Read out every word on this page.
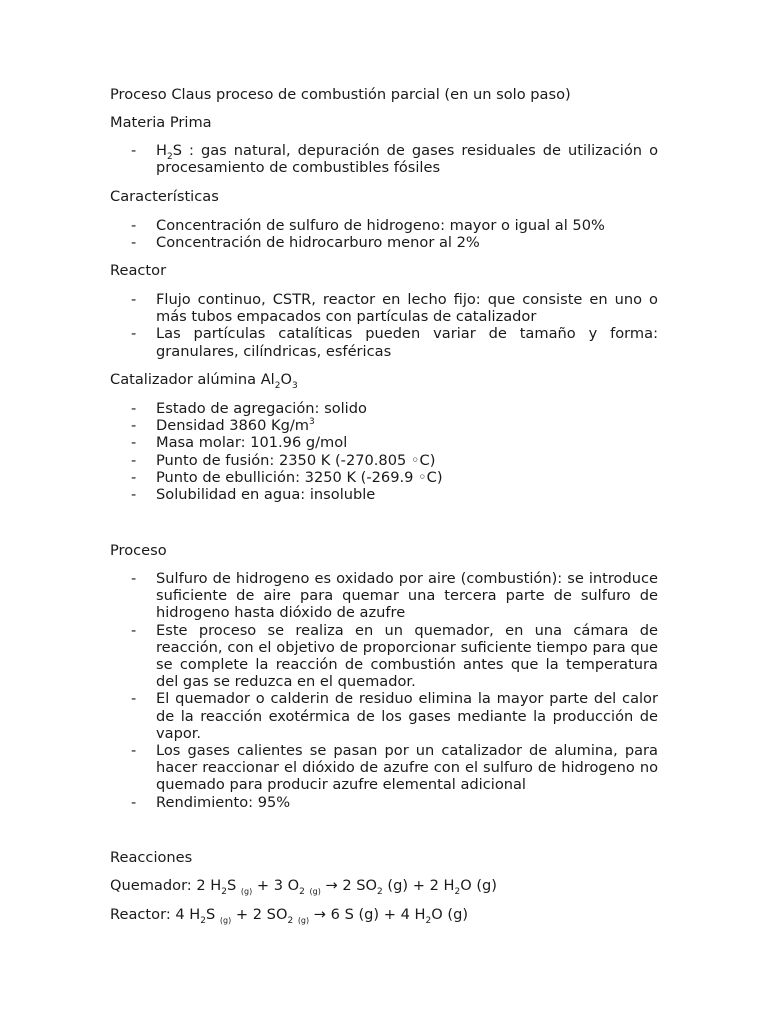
Proceso Claus proceso de combustión parcial (en un solo paso)
Materia Prima
- $H_2S$ : gas natural, depuración de gases residuales de utilización o procesamiento de combustibles fósiles
Características
- Concentración de sulfuro de hidrogeno: mayor o igual al 50%
- Concentración de hidrocarburo menor al 2%
Reactor
- Flujo continuo, CSTR, reactor en lecho fijo: que consiste en uno o más tubos empacados con partículas de catalizador
- Las partículas catalíticas pueden variar de tamaño y forma: granulares, cilíndricas, esféricas
Catalizador alúmina $Al_2O_3$
- Estado de agregación: solido
- Densidad 3860 $Kg/m^3$
- Masa molar: 101.96 g/mol
- Punto de fusión: 2350 K (-270.805 ◦C)
- Punto de ebullición: 3250 K (-269.9 ◦C)
- Solubilidad en agua: insoluble
Proceso
- Sulfuro de hidrogeno es oxidado por aire (combustión): se introduce suficiente de aire para quemar una tercera parte de sulfuro de hidrogeno hasta dióxido de azufre
- Este proceso se realiza en un quemador, en una cámara de reacción, con el objetivo de proporcionar suficiente tiempo para que se complete la reacción de combustión antes que la temperatura del gas se reduzca en el quemador.
- El quemador o calderin de residuo elimina la mayor parte del calor de la reacción exotérmica de los gases mediante la producción de vapor.
- Los gases calientes se pasan por un catalizador de alumina, para hacer reaccionar el dióxido de azufre con el sulfuro de hidrogeno no quemado para producir azufre elemental adicional
- Rendimiento: 95%
Reacciones
Quemador: 2 $H_2S$ $_{(g)}$ + 3 $O_2$ $_{(g)}$ → 2 $SO_2$ (g) + 2 $H_2O$ (g)
Reactor: 4 $H_2S$ $_{(g)}$ + 2 $SO_2$ $_{(g)}$ → 6 S (g) + 4 $H_2O$ (g)
